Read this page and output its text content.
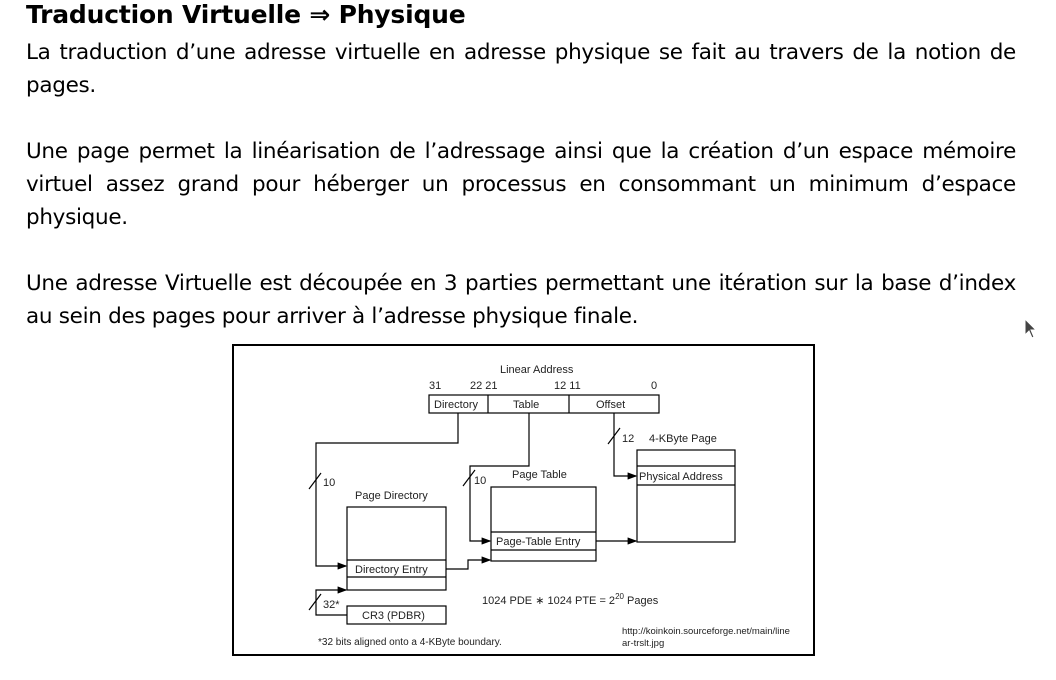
Traduction Virtuelle ⇒ Physique

La traduction d’une adresse virtuelle en adresse physique se fait au travers de la notion de pages.

Une page permet la linéarisation de l’adressage ainsi que la création d’un espace mémoire virtuel assez grand pour héberger un processus en consommant un minimum d’espace physique.

Une adresse Virtuelle est découpée en 3 parties permettant une itération sur la base d’index au sein des pages pour arriver à l’adresse physique finale.

Linear Address
31	22 21	12 11	0
Directory	Table	Offset
12 4-KByte Page
Physical Address
10 Page Table
Page-Table Entry
10
Page Directory
Directory Entry
32*
CR3 (PDBR)
1024 PDE ∗ 1024 PTE = $2^{20}$ Pages
*32 bits aligned onto a 4-KByte boundary.
http://koinkoin.sourceforge.net/main/line
ar-trslt.jpg
